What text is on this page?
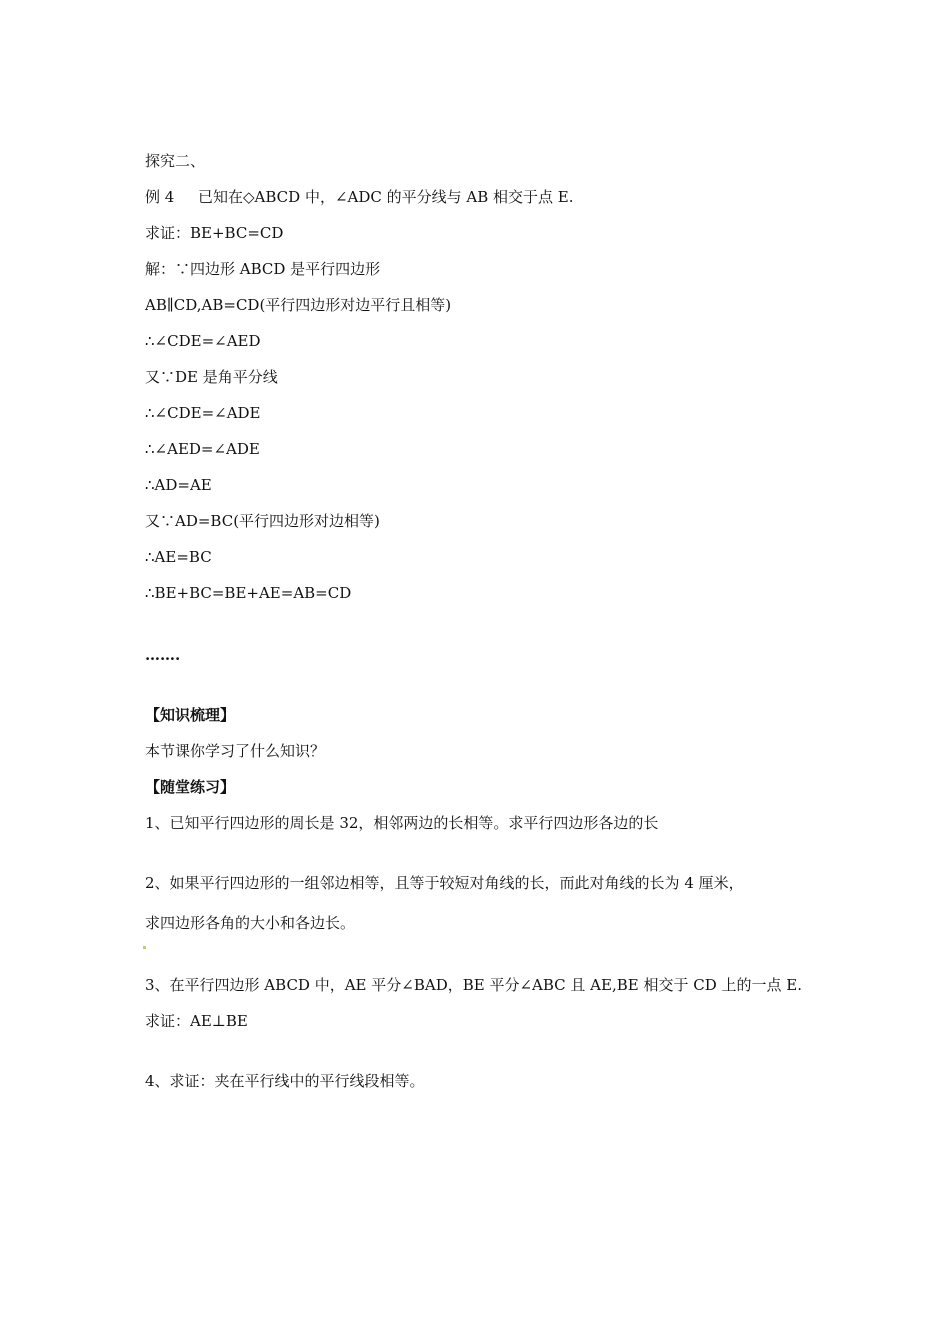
探究二、
例 4 已知在◇ABCD 中，∠ADC 的平分线与 AB 相交于点 E.
求证：BE+BC=CD
解：∵四边形 ABCD 是平行四边形
AB∥CD,AB=CD(平行四边形对边平行且相等)
∴∠CDE=∠AED
又∵DE 是角平分线
∴∠CDE=∠ADE
∴∠AED=∠ADE
∴AD=AE
又∵AD=BC(平行四边形对边相等)
∴AE=BC
∴BE+BC=BE+AE=AB=CD
…….
【知识梳理】
本节课你学习了什么知识？
【随堂练习】
1、已知平行四边形的周长是 32，相邻两边的长相等。求平行四边形各边的长
2、如果平行四边形的一组邻边相等，且等于较短对角线的长，而此对角线的长为 4 厘米，
求四边形各角的大小和各边长。
3、在平行四边形 ABCD 中，AE 平分∠BAD，BE 平分∠ABC 且 AE,BE 相交于 CD 上的一点 E.
求证：AE⊥BE
4、求证：夹在平行线中的平行线段相等。
